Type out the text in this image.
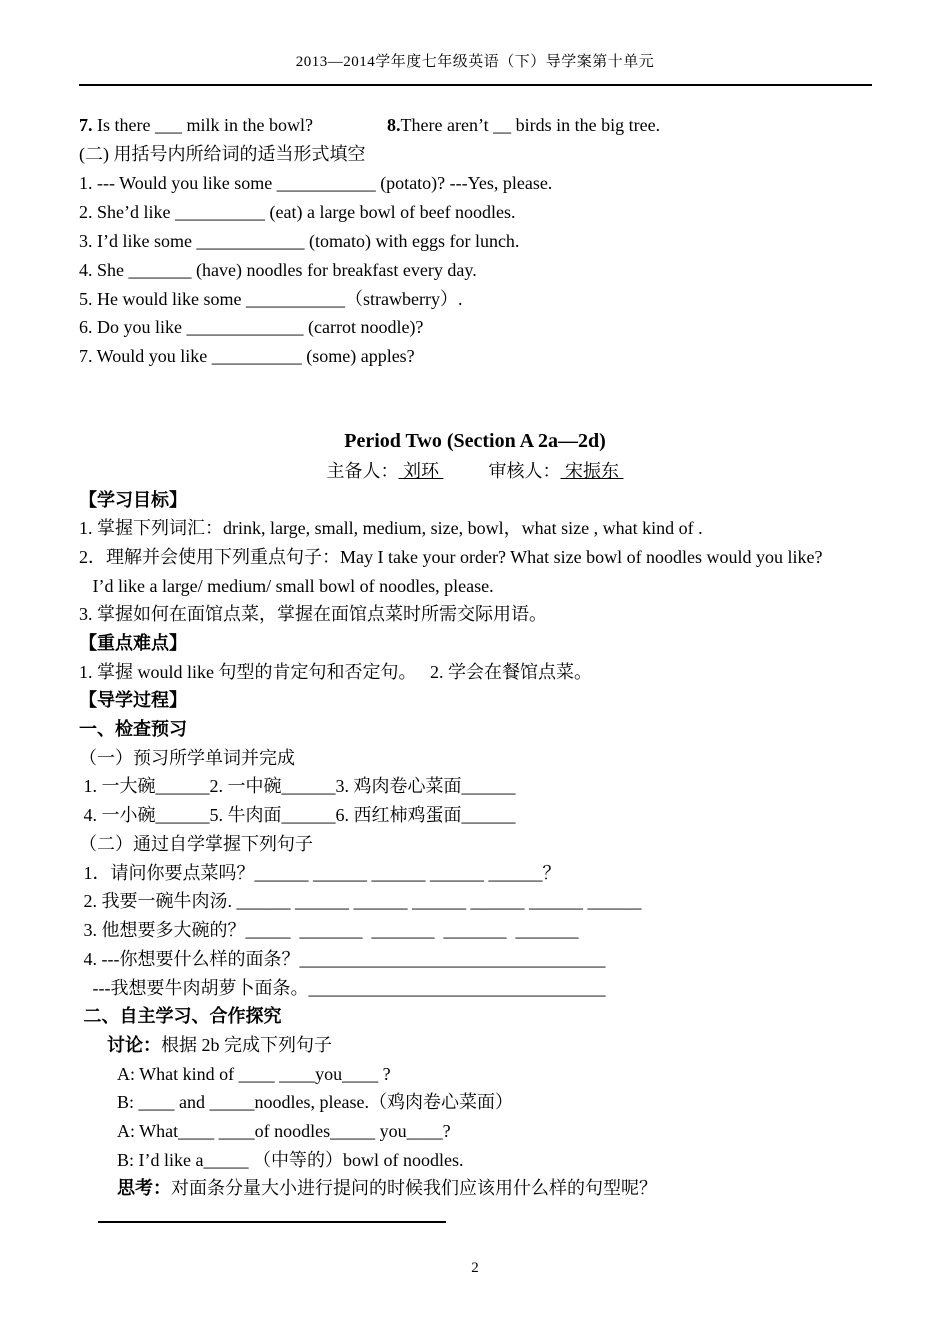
2013—2014学年度七年级英语（下）导学案第十单元
7. Is there ___ milk in the bowl?	8.There aren’t __ birds in the big tree.
(二) 用括号内所给词的适当形式填空
1. --- Would you like some ___________ (potato)? ---Yes, please.
2. She’d like __________ (eat) a large bowl of beef noodles.
3. I’d like some ____________ (tomato) with eggs for lunch.
4. She _______ (have) noodles for breakfast every day.
5. He would like some ___________（strawberry）.
6. Do you like _____________ (carrot noodle)?
7. Would you like __________ (some) apples?
Period Two (Section A 2a—2d)
主备人： 刘环	审核人： 宋振东
【学习目标】
1. 掌握下列词汇：drink, large, small, medium, size, bowl，what size , what kind of .
2．理解并会使用下列重点句子：May I take your order? What size bowl of noodles would you like?
I’d like a large/ medium/ small bowl of noodles, please.
3. 掌握如何在面馆点菜，掌握在面馆点菜时所需交际用语。
【重点难点】
1. 掌握 would like 句型的肯定句和否定句。   2. 学会在餐馆点菜。
【导学过程】
一、检查预习
（一）预习所学单词并完成
1. 一大碗______2. 一中碗______3. 鸡肉卷心菜面______
4. 一小碗______5. 牛肉面______6. 西红柿鸡蛋面______
（二）通过自学掌握下列句子
1．请问你要点菜吗？______ ______ ______ ______ ______？
2. 我要一碗牛肉汤. ______ ______ ______ ______ ______ ______ ______
3. 他想要多大碗的？_____  _______  _______  _______  _______
4. ---你想要什么样的面条？__________________________________
---我想要牛肉胡萝卜面条。_________________________________
二、自主学习、合作探究
讨论：根据 2b 完成下列句子
A: What kind of ____ ____you____ ?
B: ____ and _____noodles, please.（鸡肉卷心菜面）
A: What____ ____of noodles_____ you____?
B: I’d like a_____ （中等的）bowl of noodles.
思考：对面条分量大小进行提问的时候我们应该用什么样的句型呢？
2
